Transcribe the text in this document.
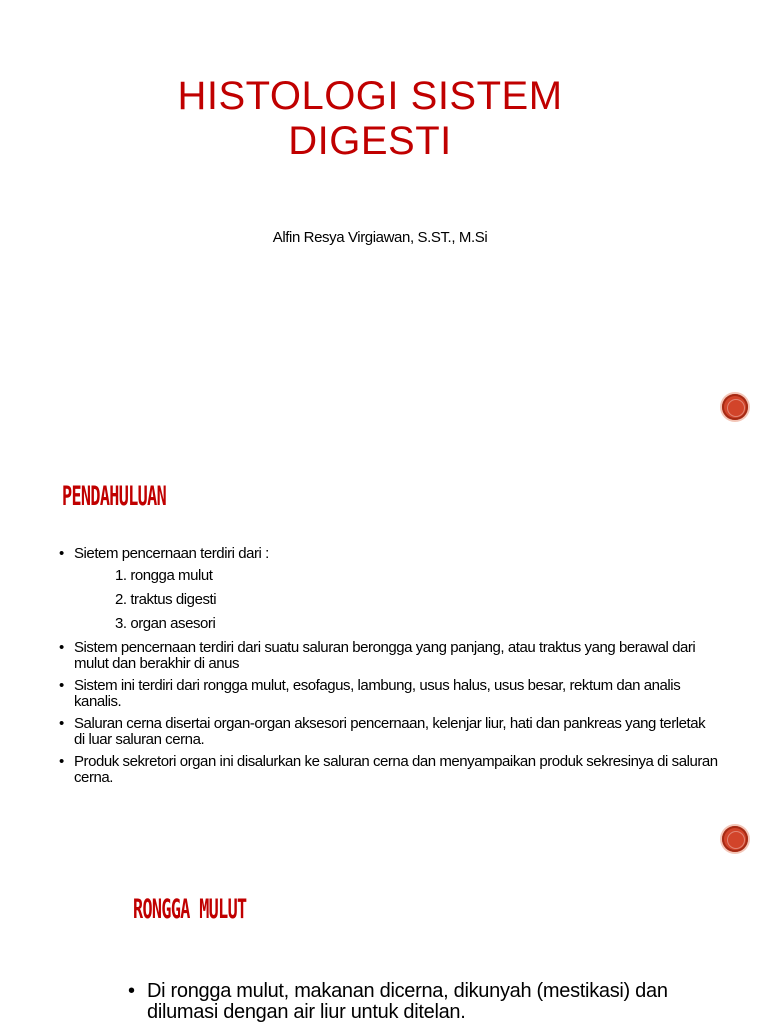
HISTOLOGI SISTEM
DIGESTI
Alfin Resya Virgiawan, S.ST., M.Si
PENDAHULUAN
• Sietem pencernaan terdiri dari :
1. rongga mulut
2. traktus digesti
3. organ asesori
• Sistem pencernaan terdiri dari suatu saluran berongga yang panjang, atau traktus yang berawal dari mulut dan berakhir di anus
• Sistem ini terdiri dari rongga mulut, esofagus, lambung, usus halus, usus besar, rektum dan analis kanalis.
• Saluran cerna disertai organ-organ aksesori pencernaan, kelenjar liur, hati dan pankreas yang terletak di luar saluran cerna.
• Produk sekretori organ ini disalurkan ke saluran cerna dan menyampaikan produk sekresinya di saluran cerna.
RONGGA MULUT
• Di rongga mulut, makanan dicerna, dikunyah (mestikasi) dan dilumasi dengan air liur untuk ditelan.
